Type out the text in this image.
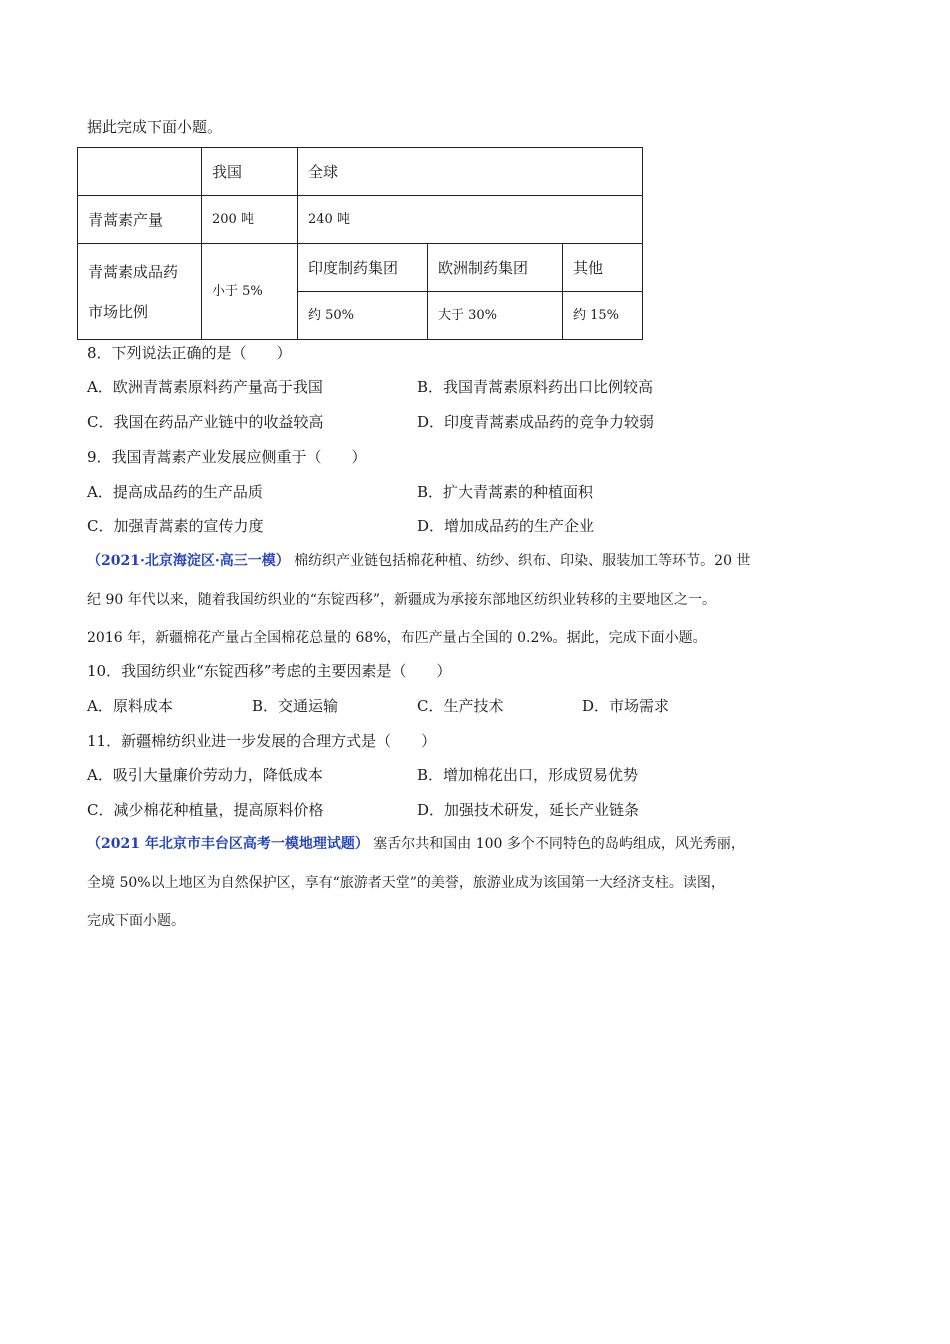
据此完成下面小题。
	我国	全球		
青蒿素产量	200 吨	240 吨		

青蒿素成品药
市场比例	小于 5%	印度制药集团	欧洲制药集团	其他
		约 50%	大于 30%	约 15%
8．下列说法正确的是（　　）
A．欧洲青蒿素原料药产量高于我国	B．我国青蒿素原料药出口比例较高
C．我国在药品产业链中的收益较高	D．印度青蒿素成品药的竞争力较弱
9．我国青蒿素产业发展应侧重于（　　）
A．提高成品药的生产品质	B．扩大青蒿素的种植面积
C．加强青蒿素的宣传力度	D．增加成品药的生产企业
（2021·北京海淀区·高三一模） 棉纺织产业链包括棉花种植、纺纱、织布、印染、服装加工等环节。20 世
纪 90 年代以来，随着我国纺织业的“东锭西移”，新疆成为承接东部地区纺织业转移的主要地区之一。
2016 年，新疆棉花产量占全国棉花总量的 68%，布匹产量占全国的 0.2%。据此，完成下面小题。
10．我国纺织业“东锭西移”考虑的主要因素是（　　）
A．原料成本	B．交通运输	C．生产技术	D．市场需求
11．新疆棉纺织业进一步发展的合理方式是（　　）
A．吸引大量廉价劳动力，降低成本	B．增加棉花出口，形成贸易优势
C．减少棉花种植量，提高原料价格	D．加强技术研发，延长产业链条
（2021 年北京市丰台区高考一模地理试题） 塞舌尔共和国由 100 多个不同特色的岛屿组成，风光秀丽，
全境 50%以上地区为自然保护区，享有“旅游者天堂”的美誉，旅游业成为该国第一大经济支柱。读图，
完成下面小题。
